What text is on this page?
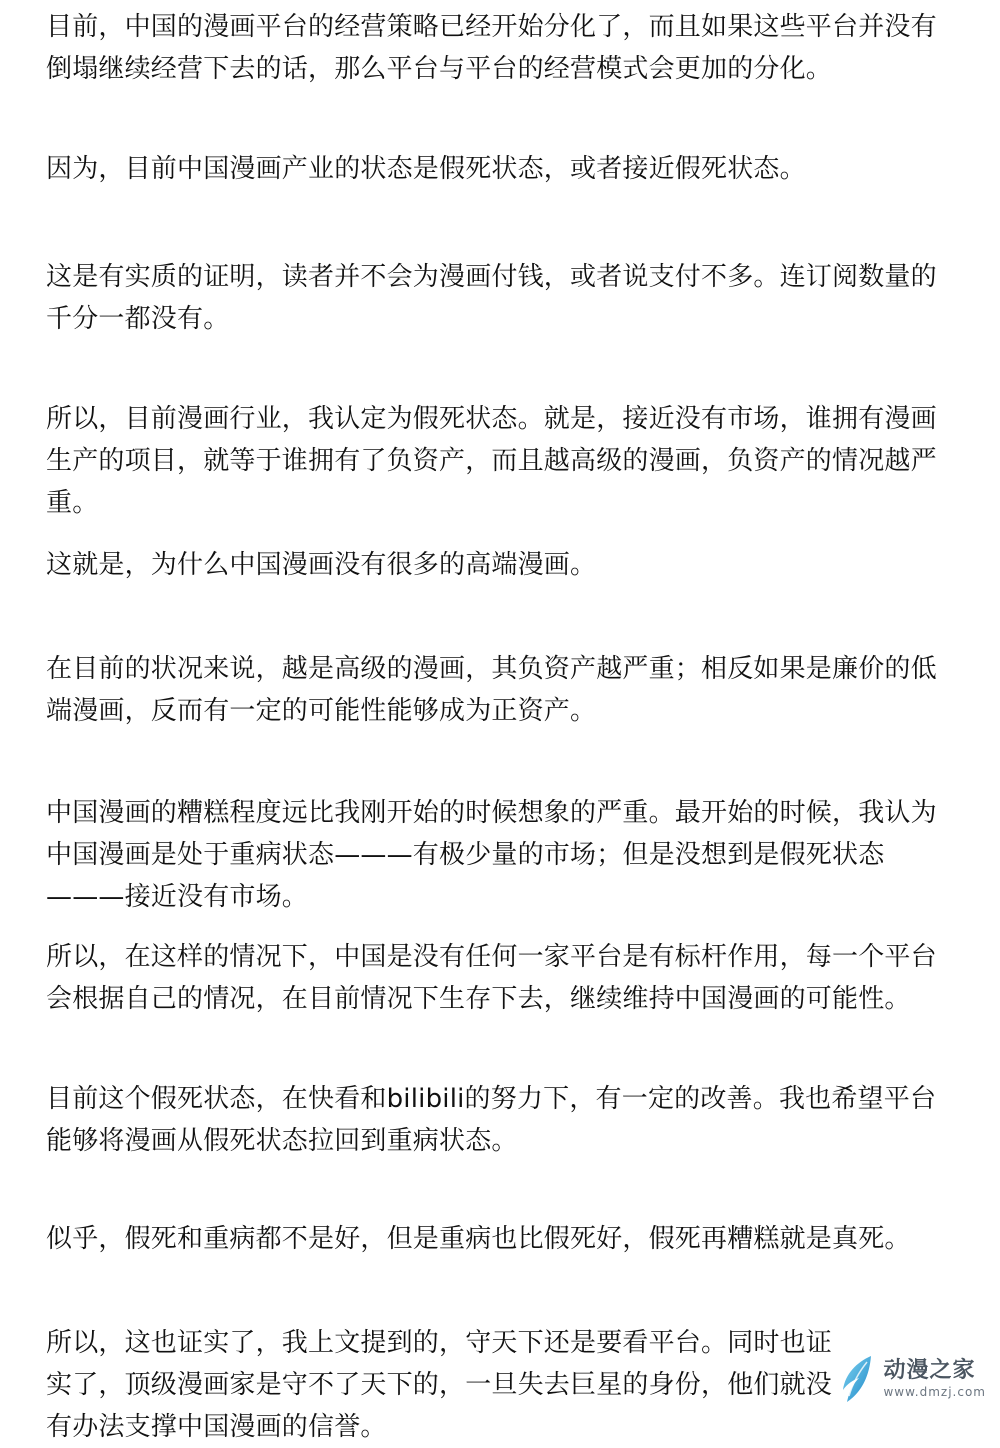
目前，中国的漫画平台的经营策略已经开始分化了，而且如果这些平台并没有倒塌继续经营下去的话，那么平台与平台的经营模式会更加的分化。

因为，目前中国漫画产业的状态是假死状态，或者接近假死状态。

这是有实质的证明，读者并不会为漫画付钱，或者说支付不多。连订阅数量的千分一都没有。

所以，目前漫画行业，我认定为假死状态。就是，接近没有市场，谁拥有漫画生产的项目，就等于谁拥有了负资产，而且越高级的漫画，负资产的情况越严重。

这就是，为什么中国漫画没有很多的高端漫画。

在目前的状况来说，越是高级的漫画，其负资产越严重；相反如果是廉价的低端漫画，反而有一定的可能性能够成为正资产。

中国漫画的糟糕程度远比我刚开始的时候想象的严重。最开始的时候，我认为中国漫画是处于重病状态———有极少量的市场；但是没想到是假死状态———接近没有市场。

所以，在这样的情况下，中国是没有任何一家平台是有标杆作用，每一个平台会根据自己的情况，在目前情况下生存下去，继续维持中国漫画的可能性。

目前这个假死状态，在快看和bilibili的努力下，有一定的改善。我也希望平台能够将漫画从假死状态拉回到重病状态。

似乎，假死和重病都不是好，但是重病也比假死好，假死再糟糕就是真死。

所以，这也证实了，我上文提到的，守天下还是要看平台。同时也证实了，顶级漫画家是守不了天下的，一旦失去巨星的身份，他们就没有办法支撑中国漫画的信誉。

动漫之家
www.dmzj.com
